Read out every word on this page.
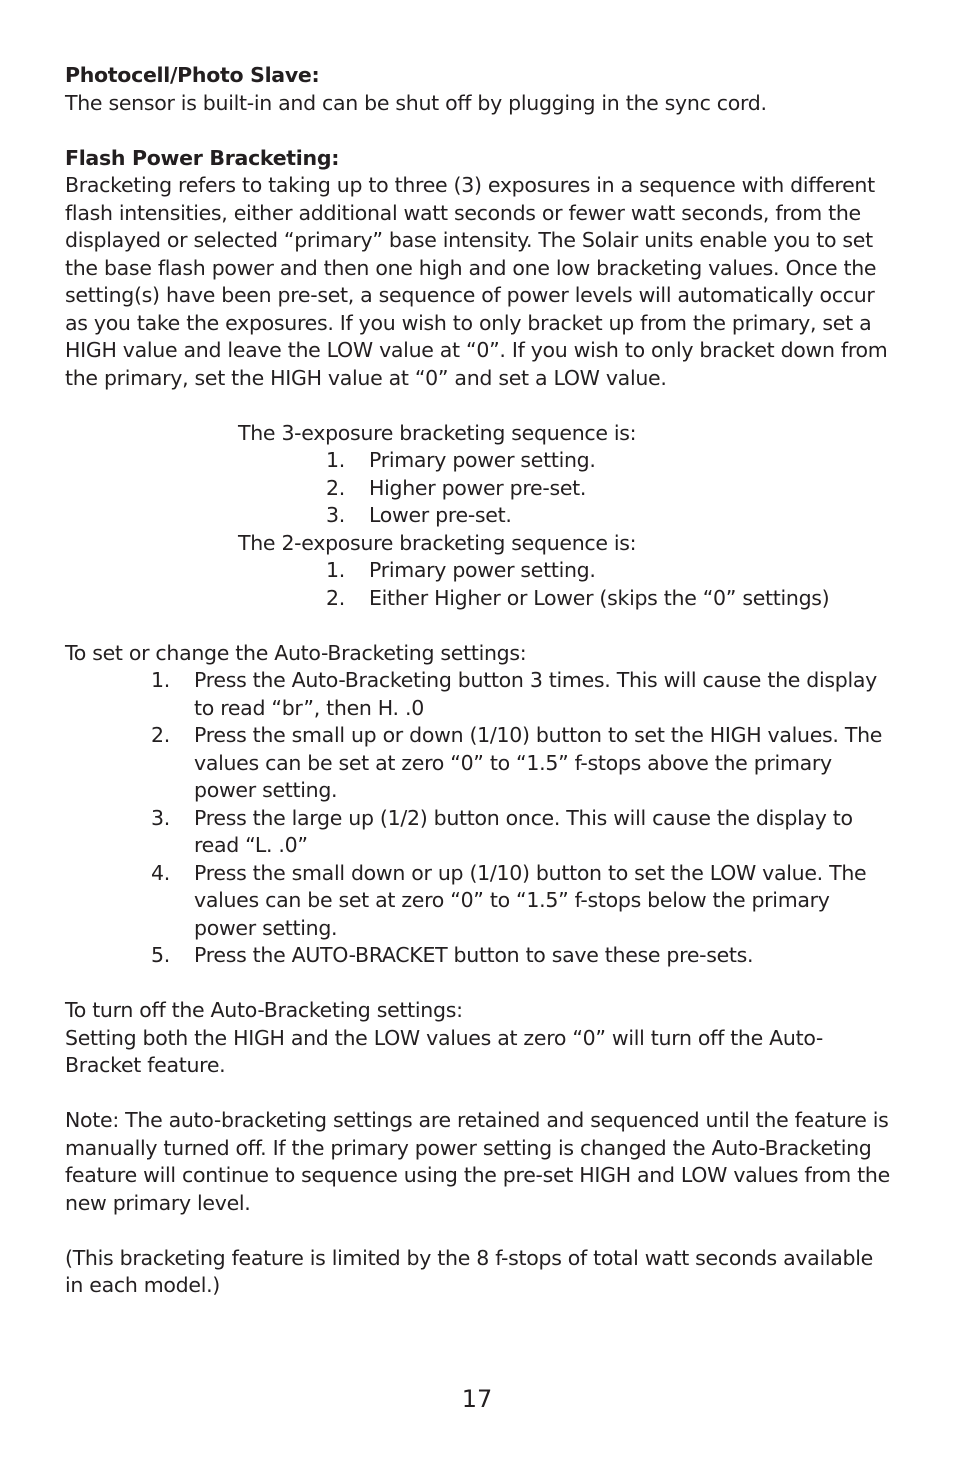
Photocell/Photo Slave:

The sensor is built-in and can be shut off by plugging in the sync cord.

Flash Power Bracketing:

Bracketing refers to taking up to three (3) exposures in a sequence with different flash intensities, either additional watt seconds or fewer watt seconds, from the displayed or selected “primary” base intensity. The Solair units enable you to set the base flash power and then one high and one low bracketing values. Once the setting(s) have been pre-set, a sequence of power levels will automatically occur as you take the exposures. If you wish to only bracket up from the primary, set a HIGH value and leave the LOW value at “0”. If you wish to only bracket down from the primary, set the HIGH value at “0” and set a LOW value.

The 3-exposure bracketing sequence is:

1.	Primary power setting.
2.	Higher power pre-set.
3.	Lower pre-set.

The 2-exposure bracketing sequence is:

1.	Primary power setting.
2.	Either Higher or Lower (skips the “0” settings)

To set or change the Auto-Bracketing settings:

1.	Press the Auto-Bracketing button 3 times. This will cause the display to read “br”, then H. .0
2.	Press the small up or down (1/10) button to set the HIGH values. The values can be set at zero “0” to “1.5” f-stops above the primary power setting.
3.	Press the large up (1/2) button once. This will cause the display to read “L. .0”
4.	Press the small down or up (1/10) button to set the LOW value. The values can be set at zero “0” to “1.5” f-stops below the primary power setting.
5.	Press the AUTO-BRACKET button to save these pre-sets.

To turn off the Auto-Bracketing settings:

Setting both the HIGH and the LOW values at zero “0” will turn off the Auto-Bracket feature.

Note: The auto-bracketing settings are retained and sequenced until the feature is manually turned off. If the primary power setting is changed the Auto-Bracketing feature will continue to sequence using the pre-set HIGH and LOW values from the new primary level.

(This bracketing feature is limited by the 8 f-stops of total watt seconds available in each model.)

17
